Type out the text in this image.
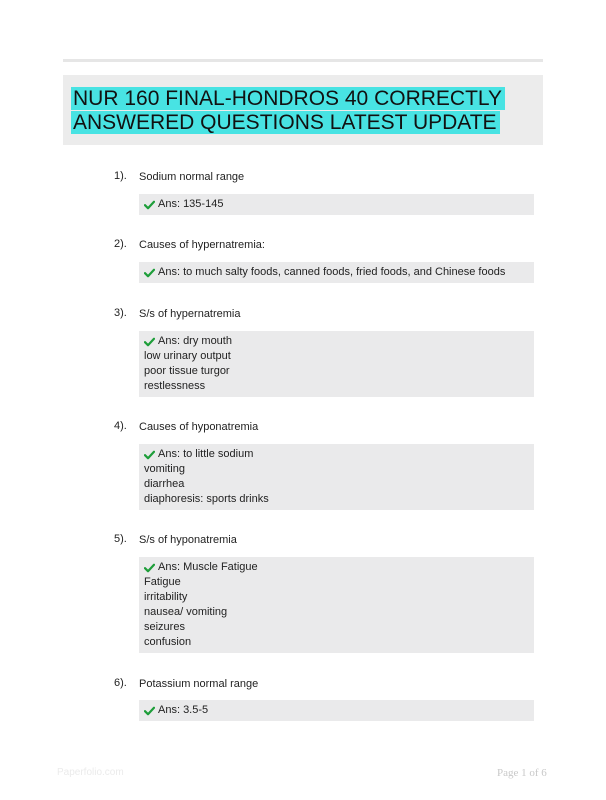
NUR 160 FINAL-HONDROS 40 CORRECTLY
ANSWERED QUESTIONS LATEST UPDATE
1). Sodium normal range
Ans: 135-145
2). Causes of hypernatremia:
Ans: to much salty foods, canned foods, fried foods, and Chinese foods
3). S/s of hypernatremia
Ans: dry mouth
low urinary output
poor tissue turgor
restlessness
4). Causes of hyponatremia
Ans: to little sodium
vomiting
diarrhea
diaphoresis: sports drinks
5). S/s of hyponatremia
Ans: Muscle Fatigue
Fatigue
irritability
nausea/ vomiting
seizures
confusion
6). Potassium normal range
Ans: 3.5-5
Paperfolio.com	Page 1 of 6
